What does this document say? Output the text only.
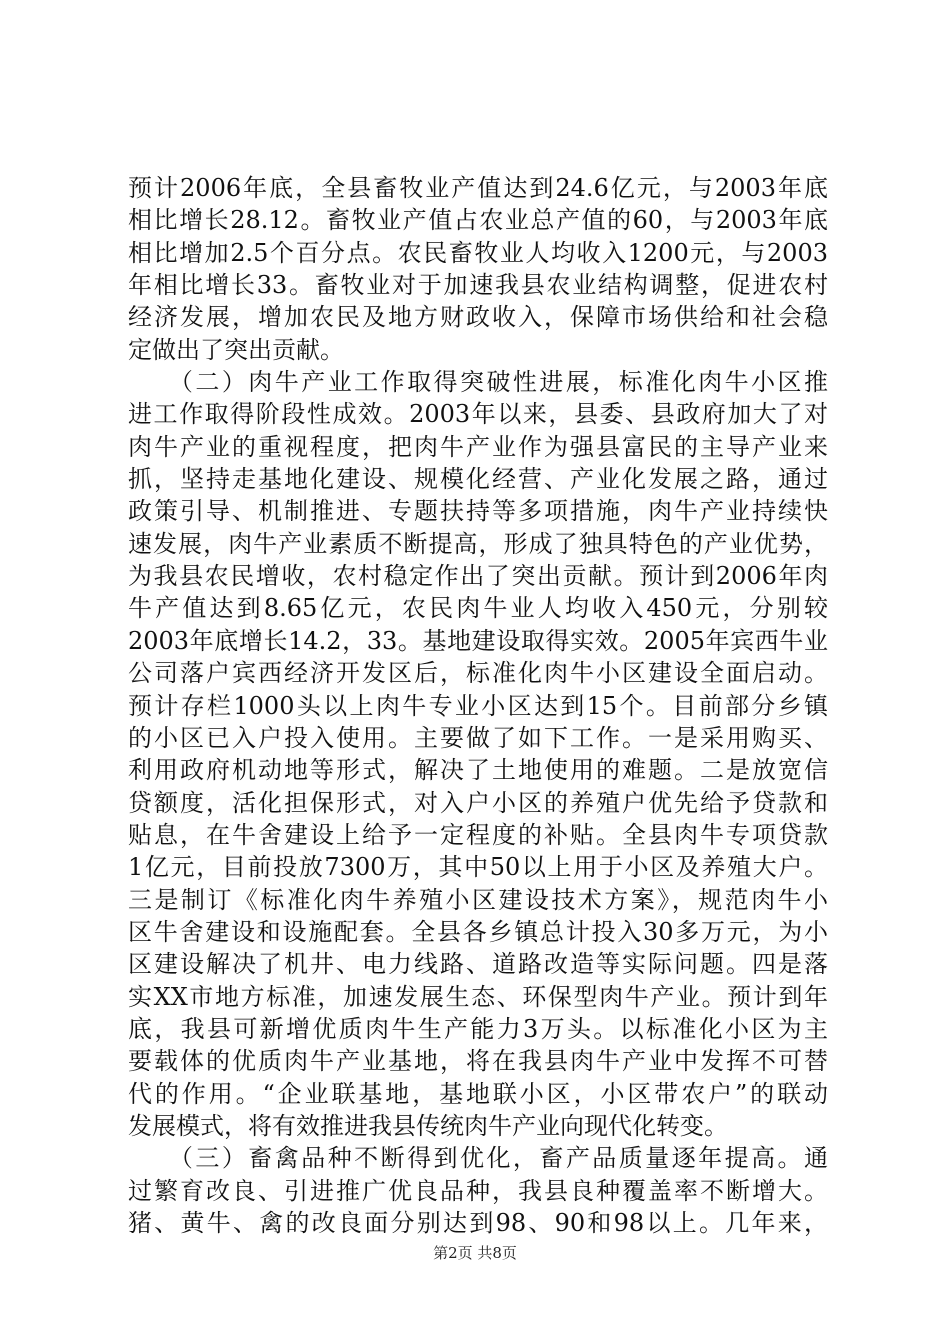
预计2006年底，全县畜牧业产值达到24.6亿元，与2003年底
相比增长28.12。畜牧业产值占农业总产值的60，与2003年底
相比增加2.5个百分点。农民畜牧业人均收入1200元，与2003
年相比增长33。畜牧业对于加速我县农业结构调整，促进农村
经济发展，增加农民及地方财政收入，保障市场供给和社会稳
定做出了突出贡献。
　　（二）肉牛产业工作取得突破性进展，标准化肉牛小区推
进工作取得阶段性成效。2003年以来，县委、县政府加大了对
肉牛产业的重视程度，把肉牛产业作为强县富民的主导产业来
抓，坚持走基地化建设、规模化经营、产业化发展之路，通过
政策引导、机制推进、专题扶持等多项措施，肉牛产业持续快
速发展，肉牛产业素质不断提高，形成了独具特色的产业优势，
为我县农民增收，农村稳定作出了突出贡献。预计到2006年肉
牛产值达到8.65亿元，农民肉牛业人均收入450元，分别较
2003年底增长14.2，33。基地建设取得实效。2005年宾西牛业
公司落户宾西经济开发区后，标准化肉牛小区建设全面启动。
预计存栏1000头以上肉牛专业小区达到15个。目前部分乡镇
的小区已入户投入使用。主要做了如下工作。一是采用购买、
利用政府机动地等形式，解决了土地使用的难题。二是放宽信
贷额度，活化担保形式，对入户小区的养殖户优先给予贷款和
贴息，在牛舍建设上给予一定程度的补贴。全县肉牛专项贷款
1亿元，目前投放7300万，其中50以上用于小区及养殖大户。
三是制订《标准化肉牛养殖小区建设技术方案》，规范肉牛小
区牛舍建设和设施配套。全县各乡镇总计投入30多万元，为小
区建设解决了机井、电力线路、道路改造等实际问题。四是落
实XX市地方标准，加速发展生态、环保型肉牛产业。预计到年
底，我县可新增优质肉牛生产能力3万头。以标准化小区为主
要载体的优质肉牛产业基地，将在我县肉牛产业中发挥不可替
代的作用。“企业联基地，基地联小区，小区带农户”的联动
发展模式，将有效推进我县传统肉牛产业向现代化转变。
　　（三）畜禽品种不断得到优化，畜产品质量逐年提高。通
过繁育改良、引进推广优良品种，我县良种覆盖率不断增大。
猪、黄牛、禽的改良面分别达到98、90和98以上。几年来，
第2页 共8页
